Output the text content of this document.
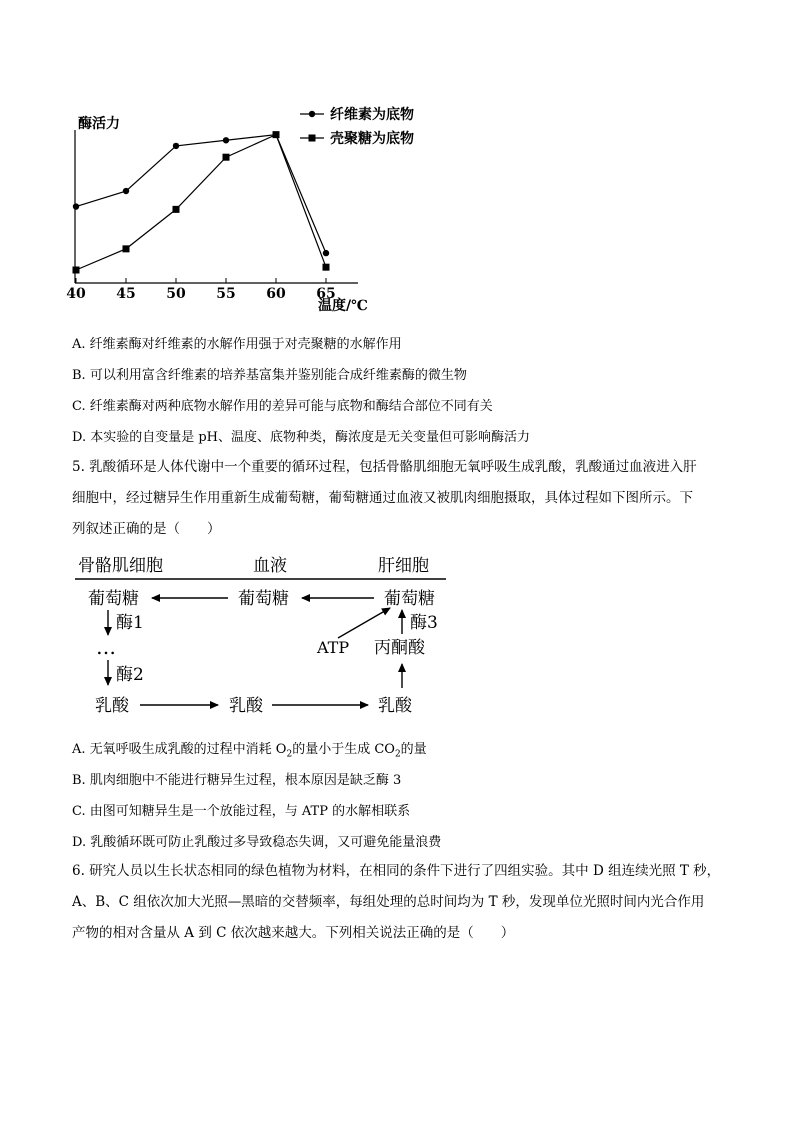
酶活力
温度/℃
40 45 50 55 60 65
纤维素为底物
壳聚糖为底物
A. 纤维素酶对纤维素的水解作用强于对壳聚糖的水解作用
B. 可以利用富含纤维素的培养基富集并鉴别能合成纤维素酶的微生物
C. 纤维素酶对两种底物水解作用的差异可能与底物和酶结合部位不同有关
D. 本实验的自变量是 pH、温度、底物种类，酶浓度是无关变量但可影响酶活力
5. 乳酸循环是人体代谢中一个重要的循环过程，包括骨骼肌细胞无氧呼吸生成乳酸，乳酸通过血液进入肝
细胞中，经过糖异生作用重新生成葡萄糖，葡萄糖通过血液又被肌肉细胞摄取，具体过程如下图所示。下
列叙述正确的是（　　）
骨骼肌细胞	血液	肝细胞
葡萄糖	葡萄糖	葡萄糖
酶1
…
酶2
乳酸	乳酸	乳酸
丙酮酸
酶3
ATP
A. 无氧呼吸生成乳酸的过程中消耗 $O_2$的量小于生成 $CO_2$的量
B. 肌肉细胞中不能进行糖异生过程，根本原因是缺乏酶 3
C. 由图可知糖异生是一个放能过程，与 ATP 的水解相联系
D. 乳酸循环既可防止乳酸过多导致稳态失调，又可避免能量浪费
6. 研究人员以生长状态相同的绿色植物为材料，在相同的条件下进行了四组实验。其中 D 组连续光照 T 秒，
A、B、C 组依次加大光照—黑暗的交替频率，每组处理的总时间均为 T 秒，发现单位光照时间内光合作用
产物的相对含量从 A 到 C 依次越来越大。下列相关说法正确的是（　　）
